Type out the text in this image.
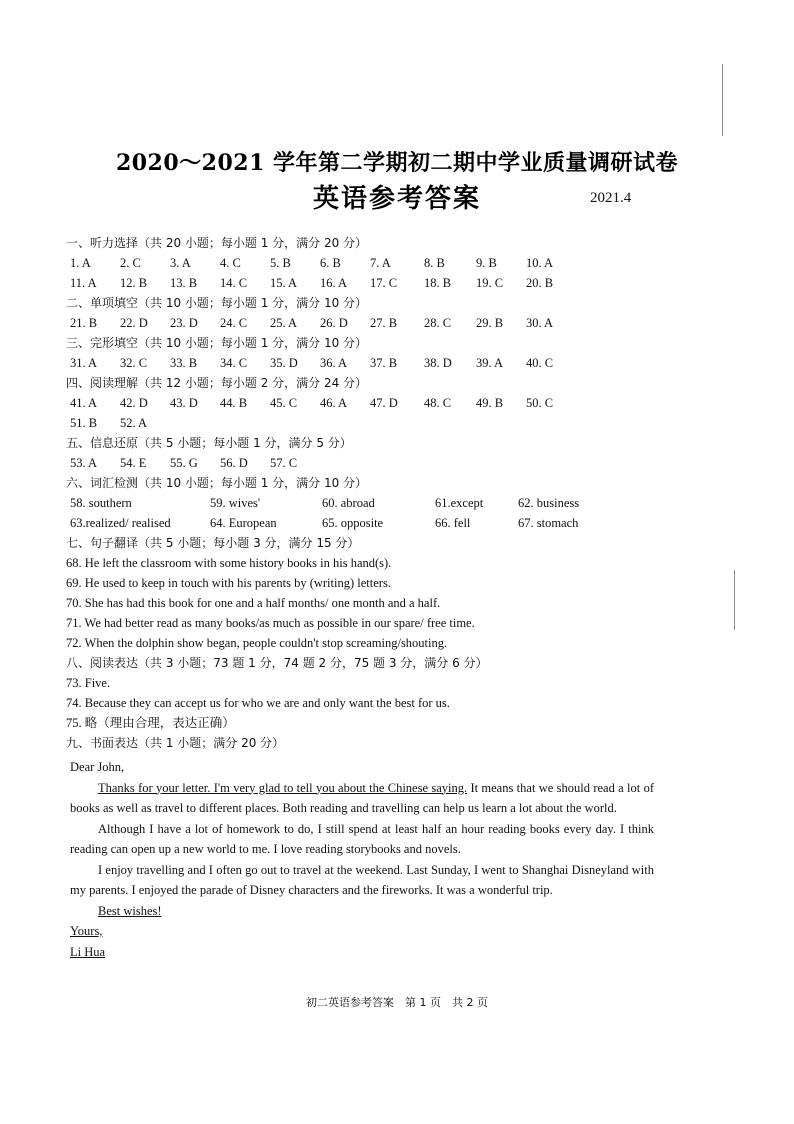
2020～2021 学年第二学期初二期中学业质量调研试卷
英语参考答案	2021.4
一、听力选择（共 20 小题；每小题 1 分，满分 20 分）
1. A 2. C 3. A 4. C 5. B 6. B 7. A	8. B 9. B 10. A
11. A 12. B 13. B 14. C 15. A 16. A 17. C 18. B 19. C 20. B
二、单项填空（共 10 小题；每小题 1 分，满分 10 分）
21. B 22. D 23. D 24. C 25. A 26. D 27. B 28. C 29. B 30. A
三、完形填空（共 10 小题；每小题 1 分，满分 10 分）
31. A 32. C 33. B 34. C 35. D 36. A 37. B 38. D 39. A 40. C
四、阅读理解（共 12 小题；每小题 2 分，满分 24 分）
41. A 42. D 43. D 44. B 45. C 46. A 47. D 48. C 49. B 50. C
51. B 52. A
五、信息还原（共 5 小题；每小题 1 分，满分 5 分）
53. A 54. E 55. G 56. D 57. C
六、词汇检测（共 10 小题；每小题 1 分，满分 10 分）
58. southern	59. wives'	60. abroad	61.except	62. business
63.realized/ realised	64. European	65. opposite	66. fell	67. stomach
七、句子翻译（共 5 小题；每小题 3 分，满分 15 分）
68. He left the classroom with some history books in his hand(s).
69. He used to keep in touch with his parents by (writing) letters.
70. She has had this book for one and a half months/ one month and a half.
71. We had better read as many books/as much as possible in our spare/ free time.
72. When the dolphin show began, people couldn't stop screaming/shouting.
八、阅读表达（共 3 小题；73 题 1 分，74 题 2 分，75 题 3 分，满分 6 分）
73. Five.
74. Because they can accept us for who we are and only want the best for us.
75. 略（理由合理，表达正确）
九、书面表达（共 1 小题；满分 20 分）
Dear John,

Thanks for your letter. I'm very glad to tell you about the Chinese saying. It means that we should read a lot of books as well as travel to different places. Both reading and travelling can help us learn a lot about the world.

Although I have a lot of homework to do, I still spend at least half an hour reading books every day. I think reading can open up a new world to me. I love reading storybooks and novels.

I enjoy travelling and I often go out to travel at the weekend. Last Sunday, I went to Shanghai Disneyland with my parents. I enjoyed the parade of Disney characters and the fireworks. It was a wonderful trip.

Best wishes!
Yours,
Li Hua
初二英语参考答案　第 1 页　共 2 页
